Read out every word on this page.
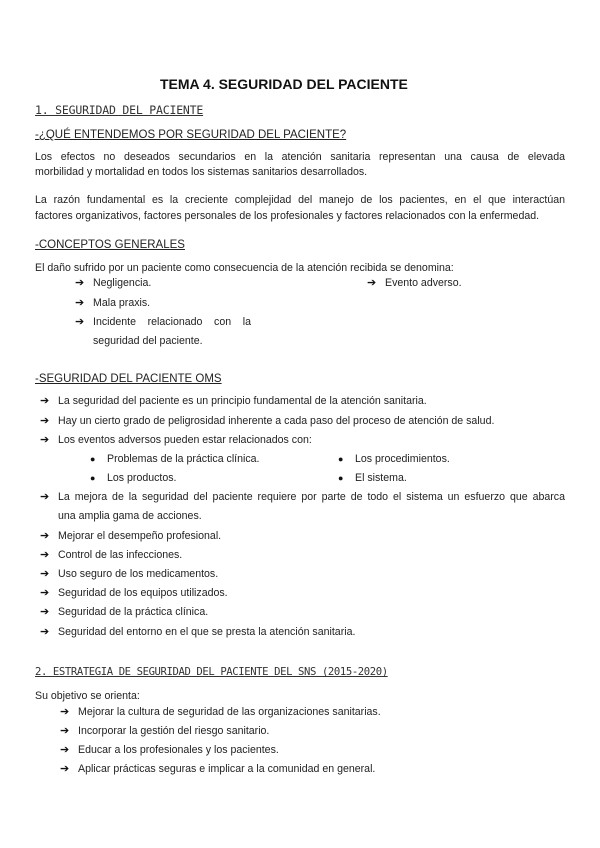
TEMA 4. SEGURIDAD DEL PACIENTE
1. SEGURIDAD DEL PACIENTE
-¿QUÉ ENTENDEMOS POR SEGURIDAD DEL PACIENTE?
Los efectos no deseados secundarios en la atención sanitaria representan una causa de elevada
morbilidad y mortalidad en todos los sistemas sanitarios desarrollados.
La razón fundamental es la creciente complejidad del manejo de los pacientes, en el que interactúan
factores organizativos, factores personales de los profesionales y factores relacionados con la enfermedad.
-CONCEPTOS GENERALES
El daño sufrido por un paciente como consecuencia de la atención recibida se denomina:
➔ Negligencia.	➔ Evento adverso.
➔ Mala praxis.
➔ Incidente relacionado con la
seguridad del paciente.
-SEGURIDAD DEL PACIENTE OMS
➔ La seguridad del paciente es un principio fundamental de la atención sanitaria.
➔ Hay un cierto grado de peligrosidad inherente a cada paso del proceso de atención de salud.
➔ Los eventos adversos pueden estar relacionados con:
● Problemas de la práctica clínica.	● Los procedimientos.
● Los productos.	● El sistema.
➔ La mejora de la seguridad del paciente requiere por parte de todo el sistema un esfuerzo que abarca
una amplia gama de acciones.
➔ Mejorar el desempeño profesional.
➔ Control de las infecciones.
➔ Uso seguro de los medicamentos.
➔ Seguridad de los equipos utilizados.
➔ Seguridad de la práctica clínica.
➔ Seguridad del entorno en el que se presta la atención sanitaria.
2. ESTRATEGIA DE SEGURIDAD DEL PACIENTE DEL SNS (2015-2020)
Su objetivo se orienta:
➔ Mejorar la cultura de seguridad de las organizaciones sanitarias.
➔ Incorporar la gestión del riesgo sanitario.
➔ Educar a los profesionales y los pacientes.
➔ Aplicar prácticas seguras e implicar a la comunidad en general.
